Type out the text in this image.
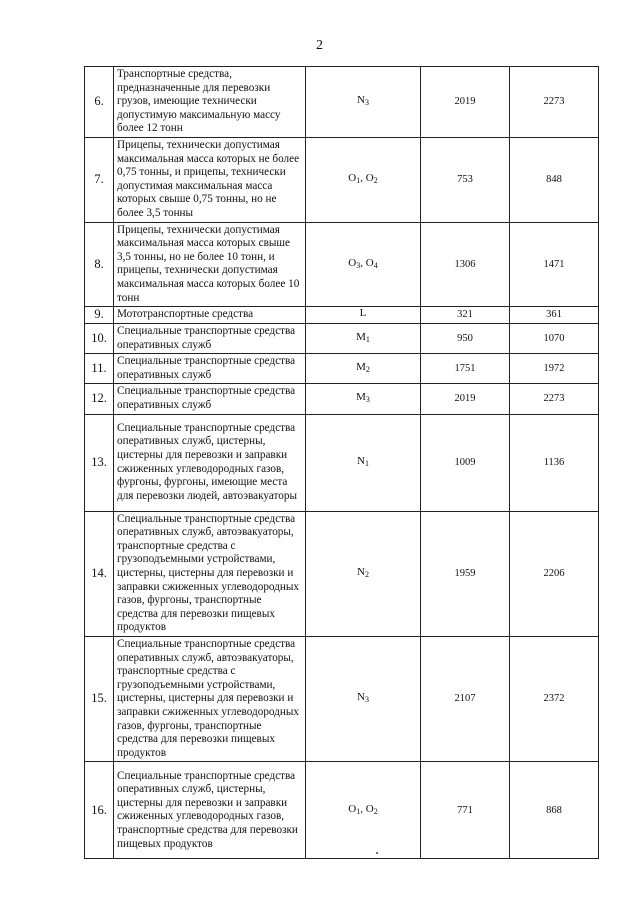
2
6.	Транспортные средства, предназначенные для перевозки грузов, имеющие технически допустимую максимальную массу более 12 тонн	$N_3$	2019	2273
7.	Прицепы, технически допустимая максимальная масса которых не более 0,75 тонны, и прицепы, технически допустимая максимальная масса которых свыше 0,75 тонны, но не более 3,5 тонны	$O_1$, $O_2$	753	848
8.	Прицепы, технически допустимая максимальная масса которых свыше 3,5 тонны, но не более 10 тонн, и прицепы, технически допустимая максимальная масса которых более 10 тонн	$O_3$, $O_4$	1306	1471
9.	Мототранспортные средства	L	321	361
10.	Специальные транспортные средства оперативных служб	$M_1$	950	1070
11.	Специальные транспортные средства оперативных служб	$M_2$	1751	1972
12.	Специальные транспортные средства оперативных служб	$M_3$	2019	2273
13.	Специальные транспортные средства оперативных служб, цистерны, цистерны для перевозки и заправки сжиженных углеводородных газов, фургоны, фургоны, имеющие места для перевозки людей, автоэвакуаторы	$N_1$	1009	1136
14.	Специальные транспортные средства оперативных служб, автоэвакуаторы, транспортные средства с грузоподъемными устройствами, цистерны, цистерны для перевозки и заправки сжиженных углеводородных газов, фургоны, транспортные средства для перевозки пищевых продуктов	$N_2$	1959	2206
15.	Специальные транспортные средства оперативных служб, автоэвакуаторы, транспортные средства с грузоподъемными устройствами, цистерны, цистерны для перевозки и заправки сжиженных углеводородных газов, фургоны, транспортные средства для перевозки пищевых продуктов	$N_3$	2107	2372
16.	Специальные транспортные средства оперативных служб, цистерны, цистерны для перевозки и заправки сжиженных углеводородных газов, транспортные средства для перевозки пищевых продуктов	$O_1$, $O_2$	771	868
